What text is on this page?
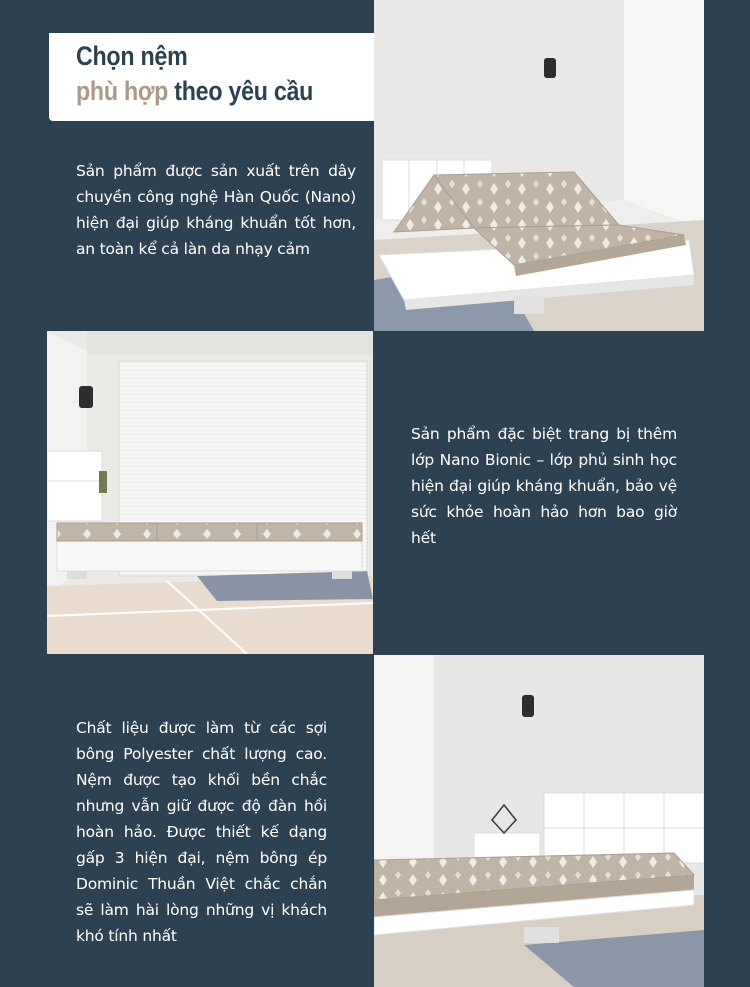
Chọn nệm
phù hợp theo yêu cầu
Sản phẩm được sản xuất trên dây chuyền công nghệ Hàn Quốc (Nano) hiện đại giúp kháng khuẩn tốt hơn, an toàn kể cả làn da nhạy cảm
Sản phẩm đặc biệt trang bị thêm lớp Nano Bionic – lớp phủ sinh học hiện đại giúp kháng khuẩn, bảo vệ sức khỏe hoàn hảo hơn bao giờ hết
Chất liệu được làm từ các sợi bông Polyester chất lượng cao. Nệm được tạo khối bền chắc nhưng vẫn giữ được độ đàn hồi hoàn hảo. Được thiết kế dạng gấp 3 hiện đại, nệm bông ép Dominic Thuần Việt chắc chắn sẽ làm hài lòng những vị khách khó tính nhất
